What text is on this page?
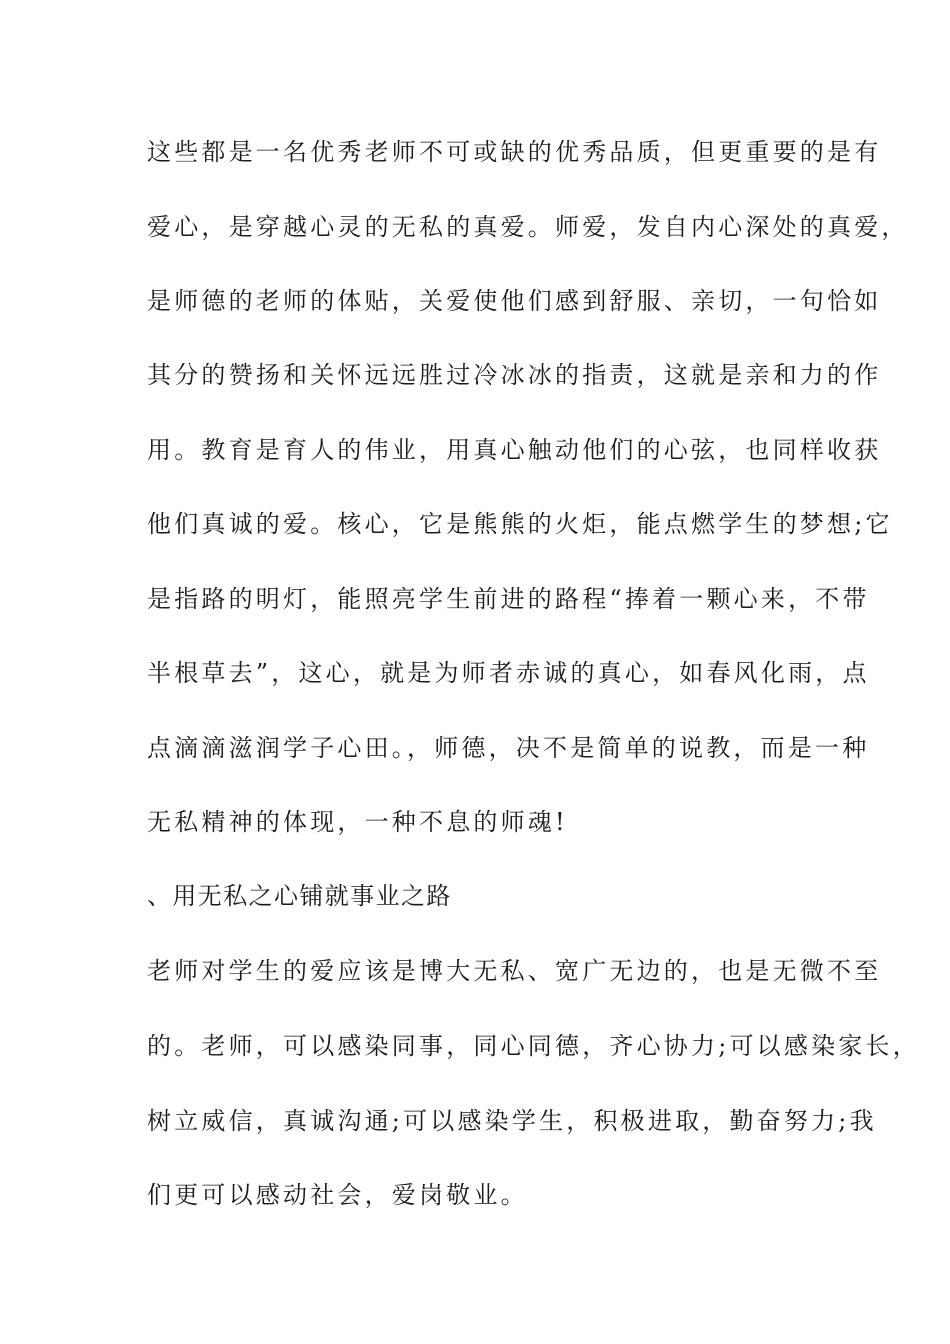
这些都是一名优秀老师不可或缺的优秀品质，但更重要的是有
爱心，是穿越心灵的无私的真爱。师爱，发自内心深处的真爱，
是师德的老师的体贴，关爱使他们感到舒服、亲切，一句恰如
其分的赞扬和关怀远远胜过冷冰冰的指责，这就是亲和力的作
用。教育是育人的伟业，用真心触动他们的心弦，也同样收获
他们真诚的爱。核心，它是熊熊的火炬，能点燃学生的梦想;它
是指路的明灯，能照亮学生前进的路程“捧着一颗心来，不带
半根草去”，这心，就是为师者赤诚的真心，如春风化雨，点
点滴滴滋润学子心田。，师德，决不是简单的说教，而是一种
无私精神的体现，一种不息的师魂!
、用无私之心铺就事业之路
老师对学生的爱应该是博大无私、宽广无边的，也是无微不至
的。老师，可以感染同事，同心同德，齐心协力;可以感染家长，
树立威信，真诚沟通;可以感染学生，积极进取，勤奋努力;我
们更可以感动社会，爱岗敬业。
